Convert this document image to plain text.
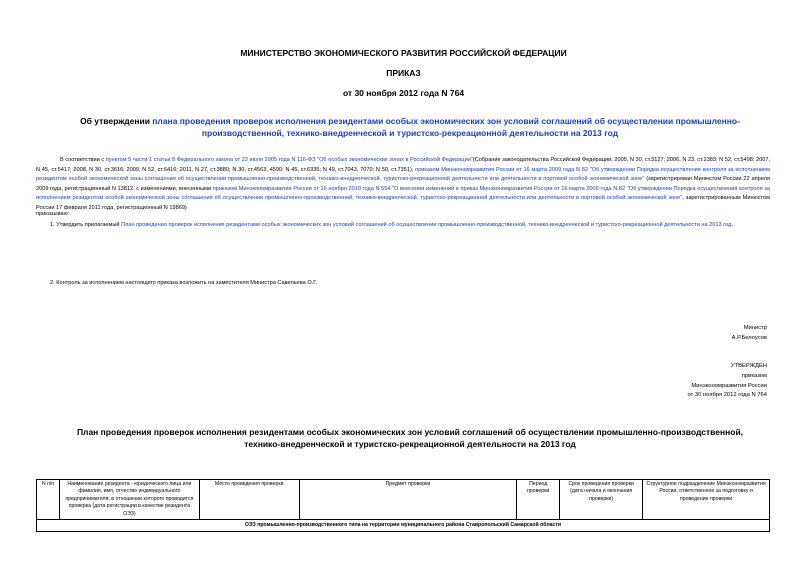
МИНИСТЕРСТВО ЭКОНОМИЧЕСКОГО РАЗВИТИЯ РОССИЙСКОЙ ФЕДЕРАЦИИ
ПРИКАЗ
от 30 ноября 2012 года N 764
Об утверждении плана проведения проверок исполнения резидентами особых экономических зон условий соглашений об осуществлении промышленно-производственной, технико-внедренческой и туристско-рекреационной деятельности на 2013 год
В соответствии с пунктом 5 части 1 статьи 8 Федерального закона от 22 июля 2005 года N 116-ФЗ "Об особых экономических зонах в Российской Федерации"(Собрание законодательства Российской Федерации, 2005, N 30, ст.3127; 2006, N 23, ст.2383; N 52, ст.5498; 2007, N 45, ст.5417; 2008, N 30, ст.3616; 2009, N 52, ст.6416; 2011, N 27, ст.3880; N 30, ст.4563, 4590; N 45, ст.6335; N 49, ст.7043, 7070; N 50, ст.7351), приказом Минэкономразвития России от 16 марта 2009 года N 82 "Об утверждении Порядка осуществления контроля за исполнением резидентом особой экономической зоны соглашения об осуществлении промышленно-производственной, технико-внедренческой, туристско-рекреационной деятельности или деятельности в портовой особой экономической зоне" (зарегистрирован Минюстом России 22 апреля 2009 года, регистрационный N 13812, с изменениями, внесенными приказом Минэкономразвития России от 16 ноября 2010 года N 554 "О внесении изменений в приказ Минэкономразвития России от 16 марта 2009 года N 82 "Об утверждении Порядка осуществления контроля за исполнением резидентом особой экономической зоны соглашения об осуществлении промышленно-производственной, технико-внедренческой, туристско-рекреационной деятельности или деятельности в портовой особой экономической зоне", зарегистрированным Минюстом России 17 февраля 2011 года, регистрационный N 19869)
приказываю:
1. Утвердить прилагаемый План проведения проверок исполнения резидентами особых экономических зон условий соглашений об осуществлении промышленно-производственной, технико-внедренческой и туристско-рекреационной деятельности на 2013 год.
2. Контроль за исполнением настоящего приказа возложить на заместителя Министра Савельева О.Г.
Министр
А.Р.Белоусов
УТВЕРЖДЕН
приказом
Минэкономразвития России
от 30 ноября 2012 года N 764
План проведения проверок исполнения резидентами особых экономических зон условий соглашений об осуществлении промышленно-производственной, технико-внедренческой и туристско-рекреационной деятельности на 2013 год
N п/п	Наименование резидента - юридического лица или фамилия, имя, отчество индивидуального предпринимателя, в отношении которого проводится проверка (дата регистрации в качестве резидента ОЭЗ)	Место проведения проверки	Предмет проверки	Период проверки	Срок проведения проверки (дата начала и окончания проверки)	Структурное подразделение Минэкономразвития России, ответственное за подготовку и проведение проверки
ОЭЗ промышленно-производственного типа на территории муниципального района Ставропольский Самарской области
